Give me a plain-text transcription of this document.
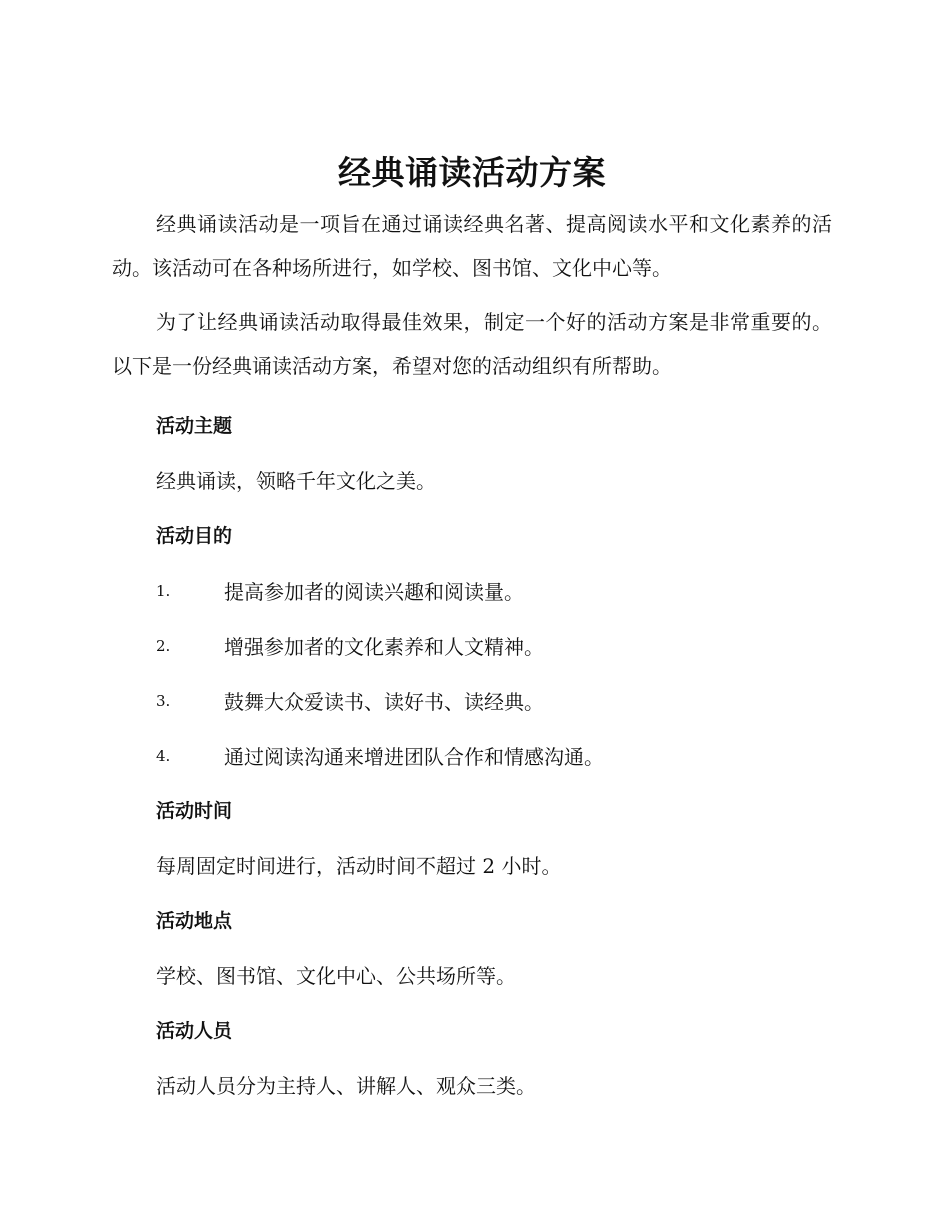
经典诵读活动方案

经典诵读活动是一项旨在通过诵读经典名著、提高阅读水平和文化素养的活动。该活动可在各种场所进行，如学校、图书馆、文化中心等。

为了让经典诵读活动取得最佳效果，制定一个好的活动方案是非常重要的。以下是一份经典诵读活动方案，希望对您的活动组织有所帮助。

活动主题
经典诵读，领略千年文化之美。
活动目的
1.	提高参加者的阅读兴趣和阅读量。
2.	增强参加者的文化素养和人文精神。
3.	鼓舞大众爱读书、读好书、读经典。
4.	通过阅读沟通来增进团队合作和情感沟通。
活动时间
每周固定时间进行，活动时间不超过 2 小时。
活动地点
学校、图书馆、文化中心、公共场所等。
活动人员
活动人员分为主持人、讲解人、观众三类。
